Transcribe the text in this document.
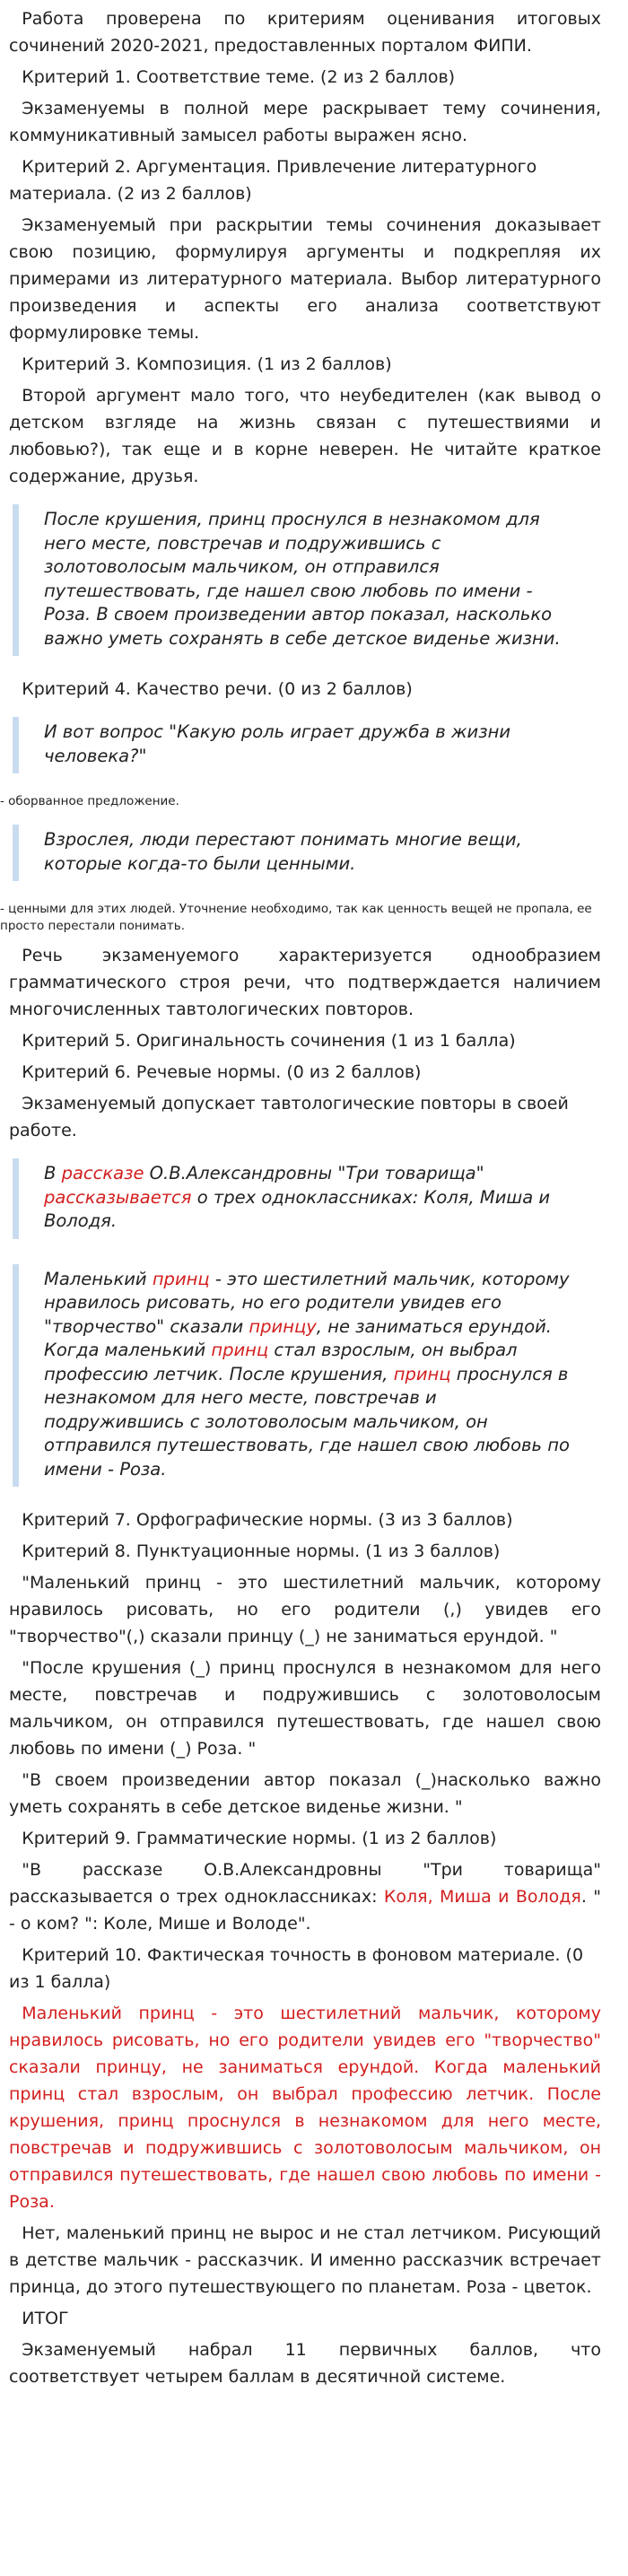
Работа проверена по критериям оценивания итоговых сочинений 2020-2021, предоставленных порталом ФИПИ.

Критерий 1. Соответствие теме. (2 из 2 баллов)

Экзаменуемы в полной мере раскрывает тему сочинения, коммуникативный замысел работы выражен ясно.

Критерий 2. Аргументация. Привлечение литературного материала. (2 из 2 баллов)

Экзаменуемый при раскрытии темы сочинения доказывает свою позицию, формулируя аргументы и подкрепляя их примерами из литературного материала. Выбор литературного произведения и аспекты его анализа соответствуют формулировке темы.

Критерий 3. Композиция. (1 из 2 баллов)

Второй аргумент мало того, что неубедителен (как вывод о детском взгляде на жизнь связан с путешествиями и любовью?), так еще и в корне неверен. Не читайте краткое содержание, друзья.

После крушения, принц проснулся в незнакомом для него месте, повстречав и подружившись с золотоволосым мальчиком, он отправился путешествовать, где нашел свою любовь по имени - Роза. В своем произведении автор показал, насколько важно уметь сохранять в себе детское виденье жизни.

Критерий 4. Качество речи. (0 из 2 баллов)

И вот вопрос "Какую роль играет дружба в жизни человека?"

- оборванное предложение.

Взрослея, люди перестают понимать многие вещи, которые когда-то были ценными.

- ценными для этих людей. Уточнение необходимо, так как ценность вещей не пропала, ее просто перестали понимать.

Речь экзаменуемого характеризуется однообразием грамматического строя речи, что подтверждается наличием многочисленных тавтологических повторов.

Критерий 5. Оригинальность сочинения (1 из 1 балла)

Критерий 6. Речевые нормы. (0 из 2 баллов)

Экзаменуемый допускает тавтологические повторы в своей работе.

В рассказе О.В.Александровны "Три товарища" рассказывается о трех одноклассниках: Коля, Миша и Володя.

Маленький принц - это шестилетний мальчик, которому нравилось рисовать, но его родители увидев его "творчество" сказали принцу, не заниматься ерундой. Когда маленький принц стал взрослым, он выбрал профессию летчик. После крушения, принц проснулся в незнакомом для него месте, повстречав и подружившись с золотоволосым мальчиком, он отправился путешествовать, где нашел свою любовь по имени - Роза.

Критерий 7. Орфографические нормы. (3 из 3 баллов)

Критерий 8. Пунктуационные нормы. (1 из 3 баллов)

"Маленький принц - это шестилетний мальчик, которому нравилось рисовать, но его родители (,) увидев его "творчество"(,) сказали принцу (_) не заниматься ерундой. "

"После крушения (_) принц проснулся в незнакомом для него месте, повстречав и подружившись с золотоволосым мальчиком, он отправился путешествовать, где нашел свою любовь по имени (_) Роза. "

"В своем произведении автор показал (_)насколько важно уметь сохранять в себе детское виденье жизни. "

Критерий 9. Грамматические нормы. (1 из 2 баллов)

"В рассказе О.В.Александровны "Три товарища" рассказывается о трех одноклассниках: Коля, Миша и Володя. " - о ком? ": Коле, Мише и Володе".

Критерий 10. Фактическая точность в фоновом материале. (0 из 1 балла)

Маленький принц - это шестилетний мальчик, которому нравилось рисовать, но его родители увидев его "творчество" сказали принцу, не заниматься ерундой. Когда маленький принц стал взрослым, он выбрал профессию летчик. После крушения, принц проснулся в незнакомом для него месте, повстречав и подружившись с золотоволосым мальчиком, он отправился путешествовать, где нашел свою любовь по имени - Роза.

Нет, маленький принц не вырос и не стал летчиком. Рисующий в детстве мальчик - рассказчик. И именно рассказчик встречает принца, до этого путешествующего по планетам. Роза - цветок.

ИТОГ

Экзаменуемый набрал 11 первичных баллов, что соответствует четырем баллам в десятичной системе.
